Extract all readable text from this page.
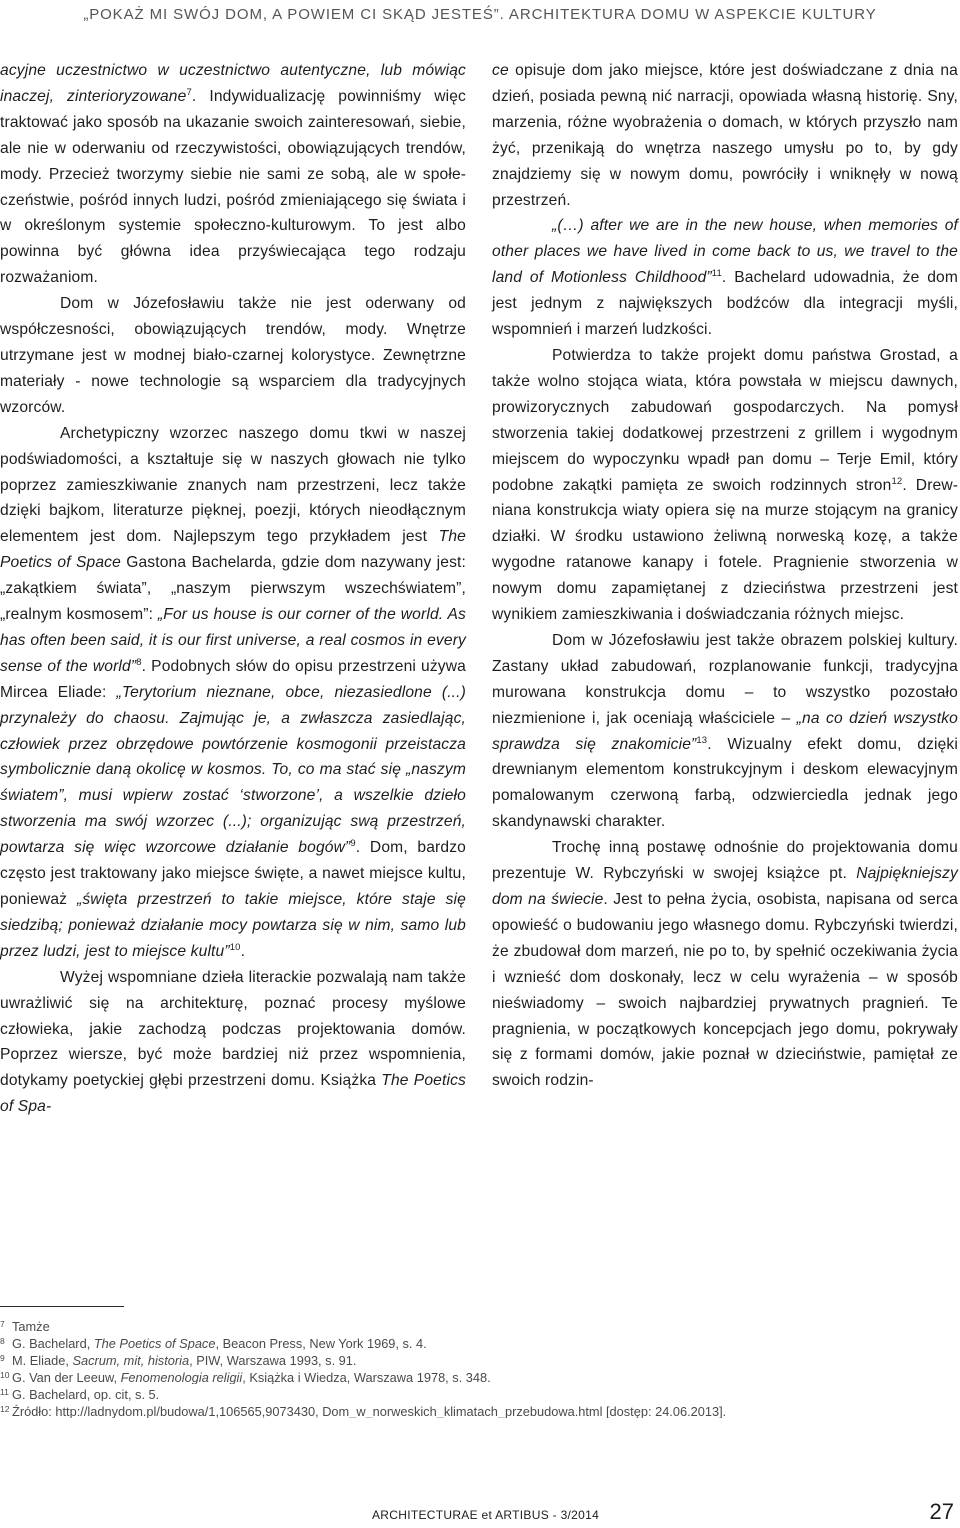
„POKAŻ MI SWÓJ DOM, A POWIEM CI SKĄD JESTEŚ”. ARCHITEKTURA DOMU W ASPEKCIE KULTURY

acyjne uczestnictwo w uczestnictwo autentyczne, lub mówiąc inaczej, zinterioryzowane$^7$. Indywidualizację powinniśmy więc traktować jako sposób na ukazanie swoich zainteresowań, siebie, ale nie w oderwaniu od rzeczywistości, obowiązujących trendów, mody. Przecież tworzymy siebie nie sami ze sobą, ale w społeczeństwie, pośród innych ludzi, pośród zmieniającego się świata i w określonym systemie społeczno-kulturowym. To jest albo powinna być główna idea przyświecająca tego rodzaju rozważaniom.

Dom w Józefosławiu także nie jest oderwany od współczesności, obowiązujących trendów, mody. Wnętrze utrzymane jest w modnej biało-czarnej kolorystyce. Zewnętrzne materiały - nowe technologie są wsparciem dla tradycyjnych wzorców.

Archetypiczny wzorzec naszego domu tkwi w naszej podświadomości, a kształtuje się w naszych głowach nie tylko poprzez zamieszkiwanie znanych nam przestrzeni, lecz także dzięki bajkom, literaturze pięknej, poezji, których nieodłącznym elementem jest dom. Najlepszym tego przykładem jest The Poetics of Space Gastona Bachelarda, gdzie dom nazywany jest: „zakątkiem świata”, „naszym pierwszym wszechświatem”, „realnym kosmosem”: „For us house is our corner of the world. As has often been said, it is our first universe, a real cosmos in every sense of the world”$^8$. Podobnych słów do opisu przestrzeni używa Mircea Eliade: „Terytorium nieznane, obce, niezasiedlone (...) przynależy do chaosu. Zajmując je, a zwłaszcza zasiedlając, człowiek przez obrzędowe powtórzenie kosmogonii przeistacza symbolicznie daną okolicę w kosmos. To, co ma stać się „naszym światem”, musi wpierw zostać ‘stworzone’, a wszelkie dzieło stworzenia ma swój wzorzec (...); organizując swą przestrzeń, powtarza się więc wzorcowe działanie bogów”$^9$. Dom, bardzo często jest traktowany jako miejsce święte, a nawet miejsce kultu, ponieważ „święta przestrzeń to takie miejsce, które staje się siedzibą; ponieważ działanie mocy powtarza się w nim, samo lub przez ludzi, jest to miejsce kultu”$^{10}$.

Wyżej wspomniane dzieła literackie pozwalają nam także uwrażliwić się na architekturę, poznać procesy myślowe człowieka, jakie zachodzą podczas projektowania domów. Poprzez wiersze, być może bardziej niż przez wspomnienia, dotykamy poetyckiej głębi przestrzeni domu. Książka The Poetics of Spa-

ce opisuje dom jako miejsce, które jest doświadczane z dnia na dzień, posiada pewną nić narracji, opowiada własną historię. Sny, marzenia, różne wyobrażenia o domach, w których przyszło nam żyć, przenikają do wnętrza naszego umysłu po to, by gdy znajdziemy się w nowym domu, powróciły i wniknęły w nową przestrzeń.

„(…) after we are in the new house, when memories of other places we have lived in come back to us, we travel to the land of Motionless Childhood”$^{11}$. Bachelard udowadnia, że dom jest jednym z największych bodźców dla integracji myśli, wspomnień i marzeń ludzkości.

Potwierdza to także projekt domu państwa Grostad, a także wolno stojąca wiata, która powstała w miejscu dawnych, prowizorycznych zabudowań gospodarczych. Na pomysł stworzenia takiej dodatkowej przestrzeni z grillem i wygodnym miejscem do wypoczynku wpadł pan domu – Terje Emil, który podobne zakątki pamięta ze swoich rodzinnych stron$^{12}$. Drewniana konstrukcja wiaty opiera się na murze stojącym na granicy działki. W środku ustawiono żeliwną norweską kozę, a także wygodne ratanowe kanapy i fotele. Pragnienie stworzenia w nowym domu zapamiętanej z dzieciństwa przestrzeni jest wynikiem zamieszkiwania i doświadczania różnych miejsc.

Dom w Józefosławiu jest także obrazem polskiej kultury. Zastany układ zabudowań, rozplanowanie funkcji, tradycyjna murowana konstrukcja domu – to wszystko pozostało niezmienione i, jak oceniają właściciele – „na co dzień wszystko sprawdza się znakomicie”$^{13}$. Wizualny efekt domu, dzięki drewnianym elementom konstrukcyjnym i deskom elewacyjnym pomalowanym czerwoną farbą, odzwierciedla jednak jego skandynawski charakter.

Trochę inną postawę odnośnie do projektowania domu prezentuje W. Rybczyński w swojej książce pt. Najpiękniejszy dom na świecie. Jest to pełna życia, osobista, napisana od serca opowieść o budowaniu jego własnego domu. Rybczyński twierdzi, że zbudował dom marzeń, nie po to, by spełnić oczekiwania życia i wznieść dom doskonały, lecz w celu wyrażenia – w sposób nieświadomy – swoich najbardziej prywatnych pragnień. Te pragnienia, w początkowych koncepcjach jego domu, pokrywały się z formami domów, jakie poznał w dzieciństwie, pamiętał ze swoich rodzin-

7 Tamże
8 G. Bachelard, The Poetics of Space, Beacon Press, New York 1969, s. 4.
9 M. Eliade, Sacrum, mit, historia, PIW, Warszawa 1993, s. 91.
10 G. Van der Leeuw, Fenomenologia religii, Książka i Wiedza, Warszawa 1978, s. 348.
11 G. Bachelard, op. cit, s. 5.
12 Źródło: http://ladnydom.pl/budowa/1,106565,9073430, Dom_w_norweskich_klimatach_przebudowa.html [dostęp: 24.06.2013].
ARCHITECTURAE et ARTIBUS - 3/2014	27
